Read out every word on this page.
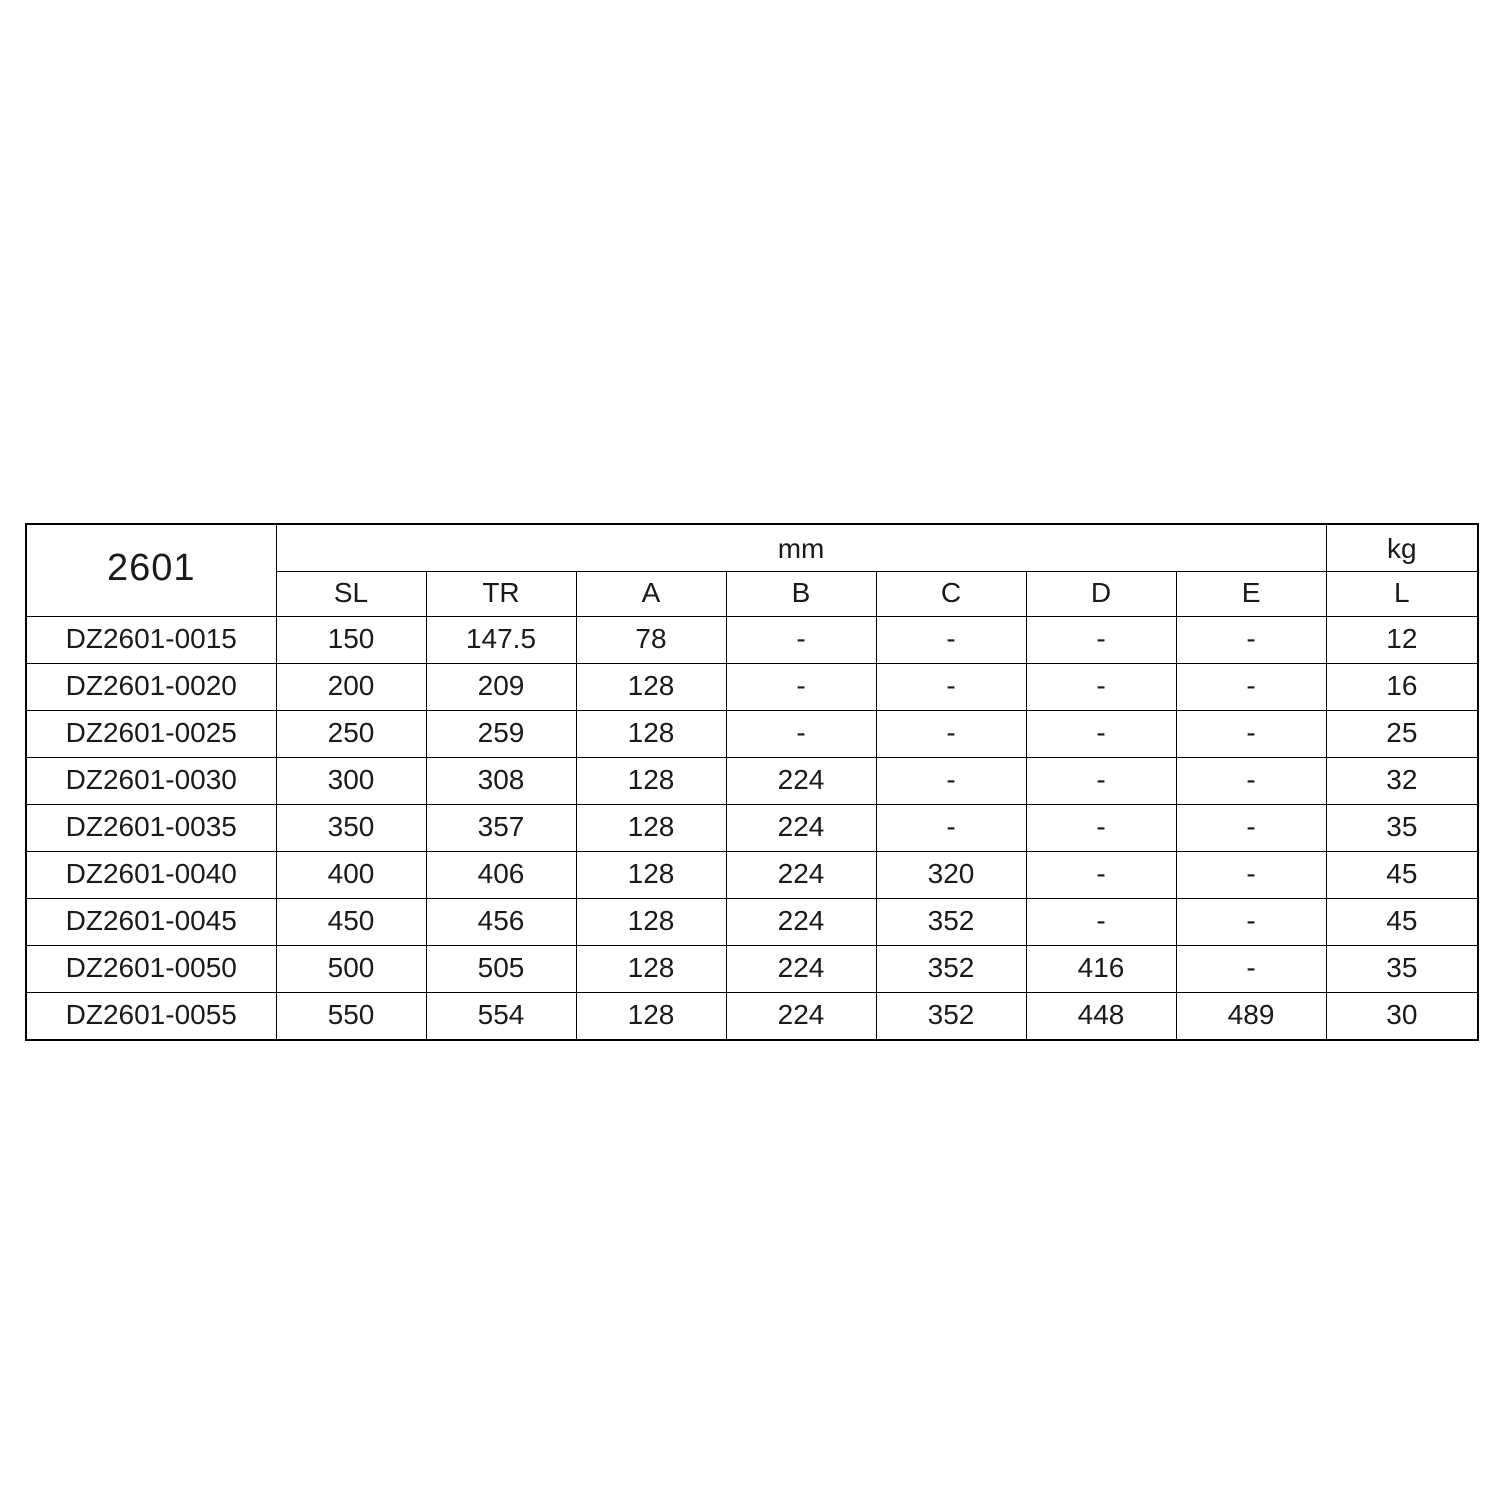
2601	mm							kg
	SL	TR	A	B	C	D	E	L
DZ2601-0015	150	147.5	78	-	-	-	-	12
DZ2601-0020	200	209	128	-	-	-	-	16
DZ2601-0025	250	259	128	-	-	-	-	25
DZ2601-0030	300	308	128	224	-	-	-	32
DZ2601-0035	350	357	128	224	-	-	-	35
DZ2601-0040	400	406	128	224	320	-	-	45
DZ2601-0045	450	456	128	224	352	-	-	45
DZ2601-0050	500	505	128	224	352	416	-	35
DZ2601-0055	550	554	128	224	352	448	489	30
